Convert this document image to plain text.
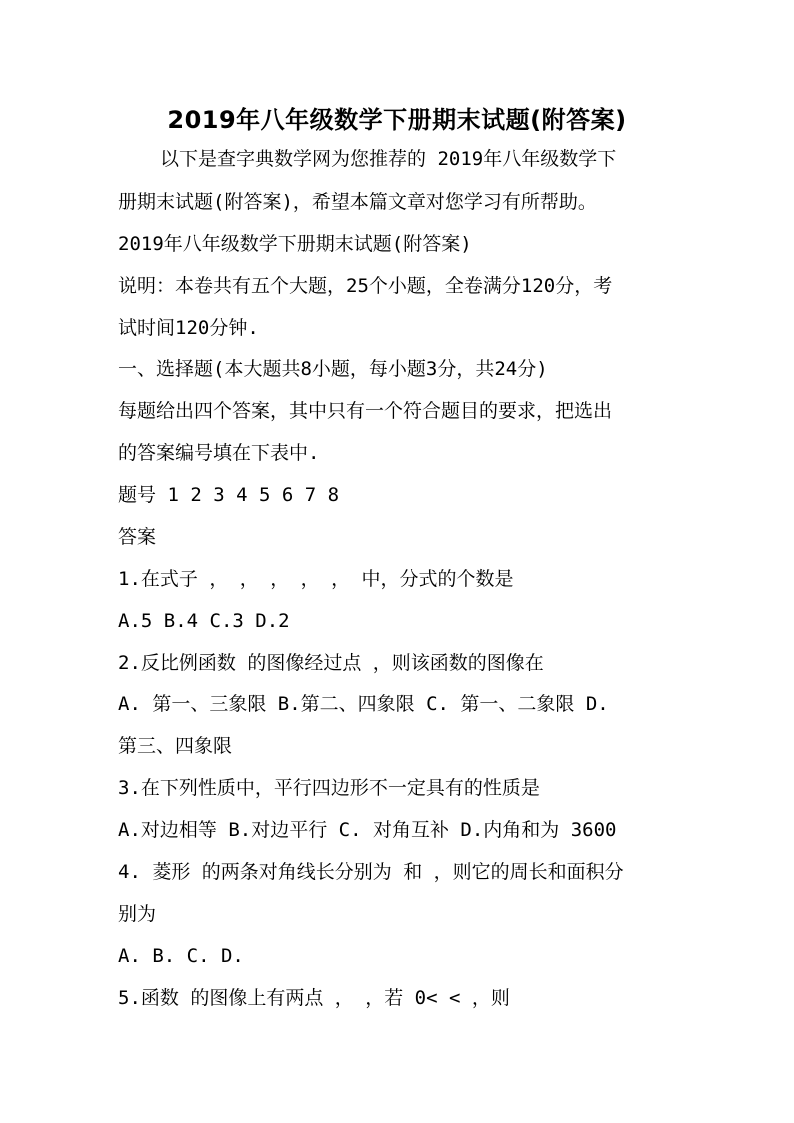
2019年八年级数学下册期末试题(附答案)
以下是查字典数学网为您推荐的 2019年八年级数学下
册期末试题(附答案)，希望本篇文章对您学习有所帮助。
2019年八年级数学下册期末试题(附答案)
说明：本卷共有五个大题，25个小题，全卷满分120分，考
试时间120分钟.
一、选择题(本大题共8小题，每小题3分，共24分)
每题给出四个答案，其中只有一个符合题目的要求，把选出
的答案编号填在下表中.
题号 1 2 3 4 5 6 7 8
答案
1.在式子 ， ， ， ， ， 中，分式的个数是
A.5 B.4 C.3 D.2
2.反比例函数 的图像经过点 ，则该函数的图像在
A. 第一、三象限 B.第二、四象限 C. 第一、二象限 D.
第三、四象限
3.在下列性质中，平行四边形不一定具有的性质是
A.对边相等 B.对边平行 C. 对角互补 D.内角和为 3600
4. 菱形 的两条对角线长分别为 和 ，则它的周长和面积分
别为
A. B. C. D.
5.函数 的图像上有两点 ， ，若 0< < ，则
